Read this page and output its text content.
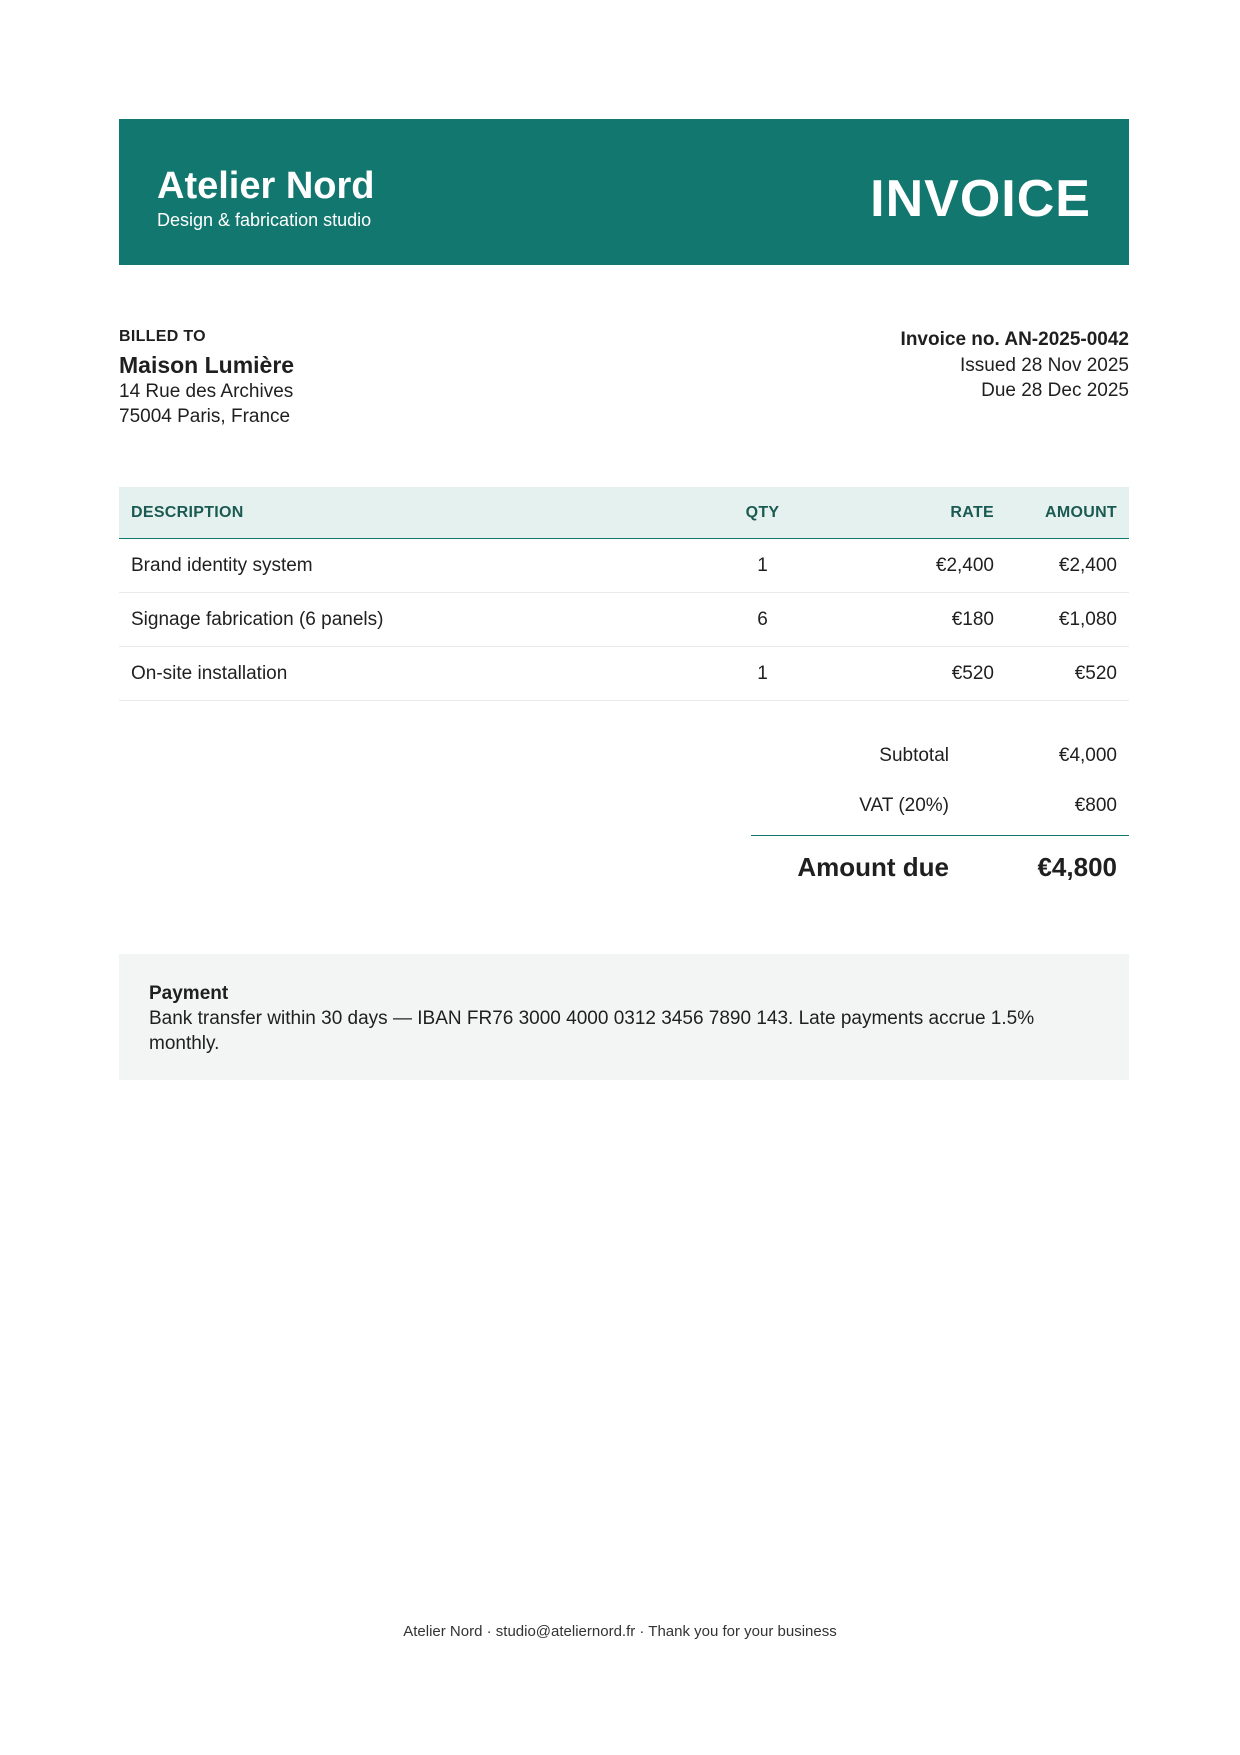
Atelier Nord
Design & fabrication studio	INVOICE
BILLED TO
Maison Lumière
14 Rue des Archives
75004 Paris, France
Invoice no. AN-2025-0042
Issued 28 Nov 2025
Due 28 Dec 2025
DESCRIPTION	QTY	RATE	AMOUNT
Brand identity system	1	€2,400	€2,400
Signage fabrication (6 panels)	6	€180	€1,080
On-site installation	1	€520	€520
Subtotal	€4,000
VAT (20%)	€800
Amount due	€4,800
Payment
Bank transfer within 30 days — IBAN FR76 3000 4000 0312 3456 7890 143. Late payments accrue 1.5% monthly.
Atelier Nord · studio@ateliernord.fr · Thank you for your business
